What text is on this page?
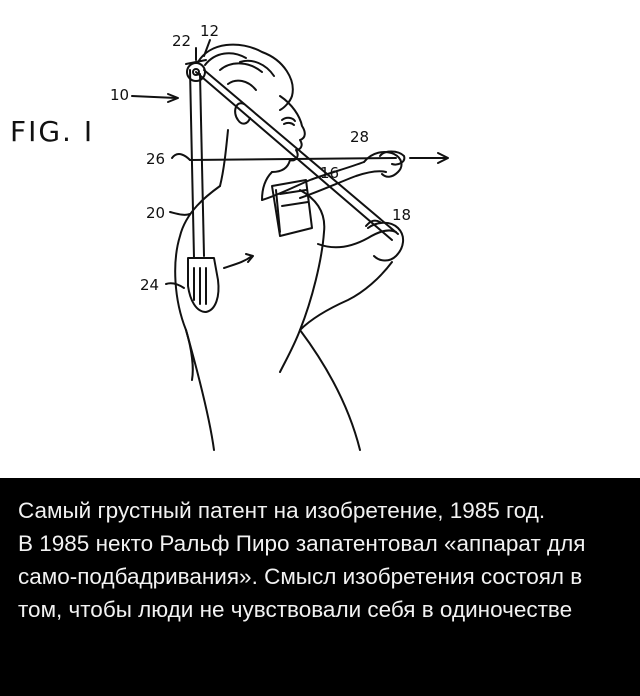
FIG. I
12
22
10
28
26
16
20	18
24

Самый грустный патент на изобретение, 1985 год.

В 1985 некто Ральф Пиро запатентовал «аппарат для само-подбадривания». Смысл изобретения состоял в том, чтобы люди не чувствовали себя в одиночестве
